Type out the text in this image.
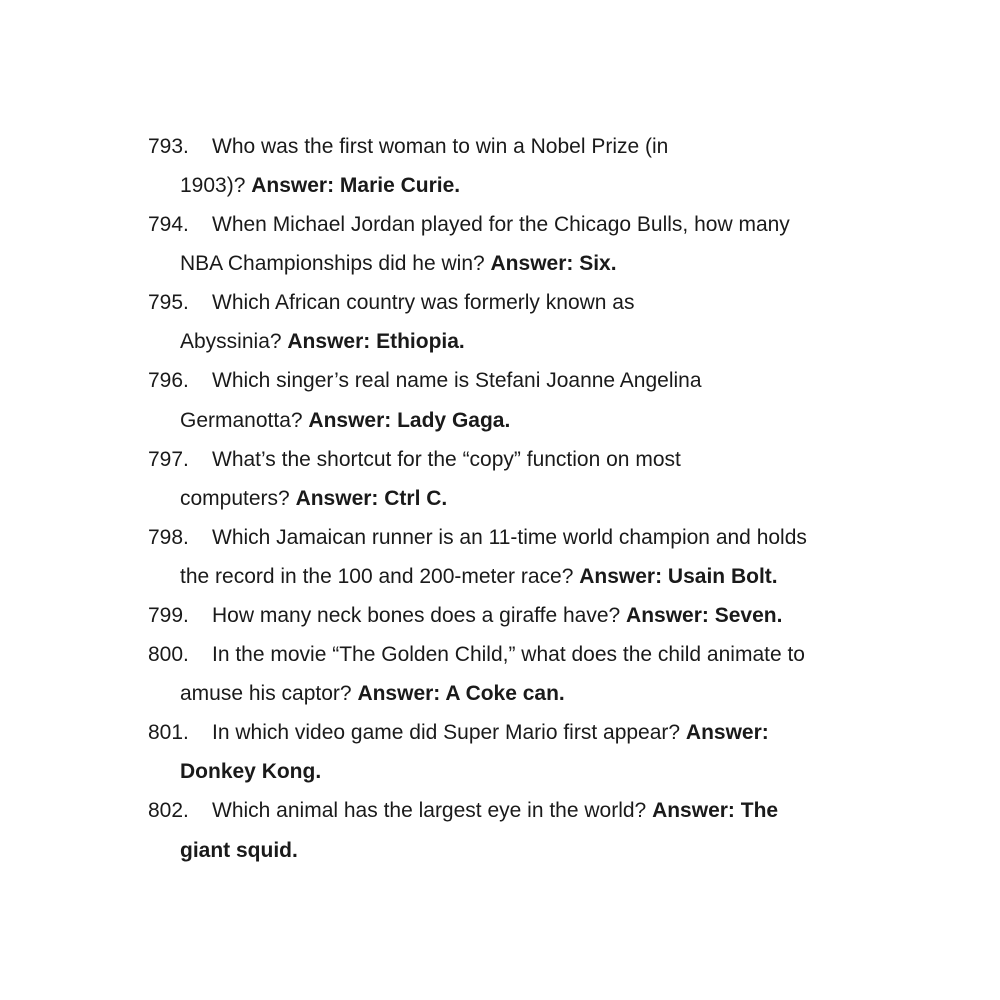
793. Who was the first woman to win a Nobel Prize (in
1903)? Answer: Marie Curie.
794. When Michael Jordan played for the Chicago Bulls, how many
NBA Championships did he win? Answer: Six.
795. Which African country was formerly known as
Abyssinia? Answer: Ethiopia.
796. Which singer’s real name is Stefani Joanne Angelina
Germanotta? Answer: Lady Gaga.
797. What’s the shortcut for the “copy” function on most
computers? Answer: Ctrl C.
798. Which Jamaican runner is an 11-time world champion and holds
the record in the 100 and 200-meter race? Answer: Usain Bolt.
799. How many neck bones does a giraffe have? Answer: Seven.
800. In the movie “The Golden Child,” what does the child animate to
amuse his captor? Answer: A Coke can.
801. In which video game did Super Mario first appear? Answer:
Donkey Kong.
802. Which animal has the largest eye in the world? Answer: The
giant squid.
